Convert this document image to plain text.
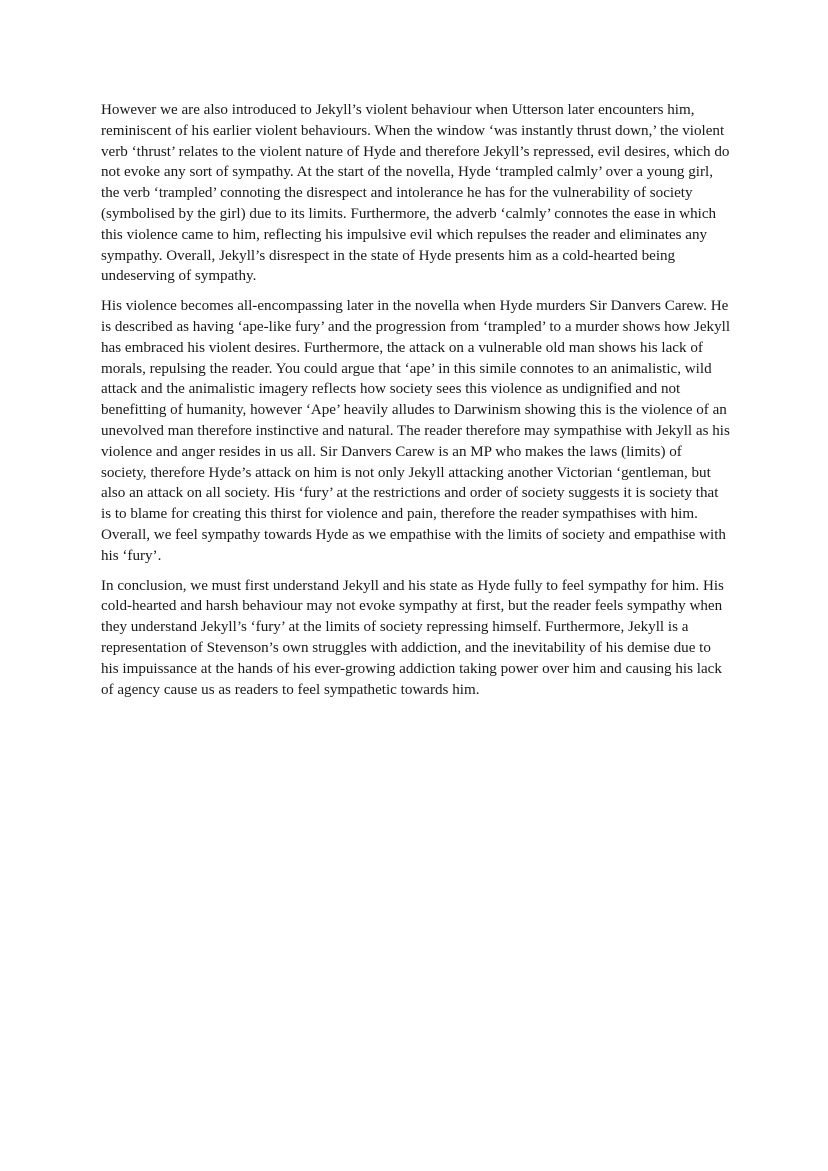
However we are also introduced to Jekyll’s violent behaviour when Utterson later encounters him, reminiscent of his earlier violent behaviours. When the window ‘was instantly thrust down,’ the violent verb ‘thrust’ relates to the violent nature of Hyde and therefore Jekyll’s repressed, evil desires, which do not evoke any sort of sympathy. At the start of the novella, Hyde ‘trampled calmly’ over a young girl, the verb ‘trampled’ connoting the disrespect and intolerance he has for the vulnerability of society (symbolised by the girl) due to its limits. Furthermore, the adverb ‘calmly’ connotes the ease in which this violence came to him, reflecting his impulsive evil which repulses the reader and eliminates any sympathy. Overall, Jekyll’s disrespect in the state of Hyde presents him as a cold-hearted being undeserving of sympathy.

His violence becomes all-encompassing later in the novella when Hyde murders Sir Danvers Carew. He is described as having ‘ape-like fury’ and the progression from ‘trampled’ to a murder shows how Jekyll has embraced his violent desires. Furthermore, the attack on a vulnerable old man shows his lack of morals, repulsing the reader. You could argue that ‘ape’ in this simile connotes to an animalistic, wild attack and the animalistic imagery reflects how society sees this violence as undignified and not benefitting of humanity, however ‘Ape’ heavily alludes to Darwinism showing this is the violence of an unevolved man therefore instinctive and natural. The reader therefore may sympathise with Jekyll as his violence and anger resides in us all. Sir Danvers Carew is an MP who makes the laws (limits) of society, therefore Hyde’s attack on him is not only Jekyll attacking another Victorian ‘gentleman, but also an attack on all society. His ‘fury’ at the restrictions and order of society suggests it is society that is to blame for creating this thirst for violence and pain, therefore the reader sympathises with him. Overall, we feel sympathy towards Hyde as we empathise with the limits of society and empathise with his ‘fury’.

In conclusion, we must first understand Jekyll and his state as Hyde fully to feel sympathy for him. His cold-hearted and harsh behaviour may not evoke sympathy at first, but the reader feels sympathy when they understand Jekyll’s ‘fury’ at the limits of society repressing himself. Furthermore, Jekyll is a representation of Stevenson’s own struggles with addiction, and the inevitability of his demise due to his impuissance at the hands of his ever-growing addiction taking power over him and causing his lack of agency cause us as readers to feel sympathetic towards him.
